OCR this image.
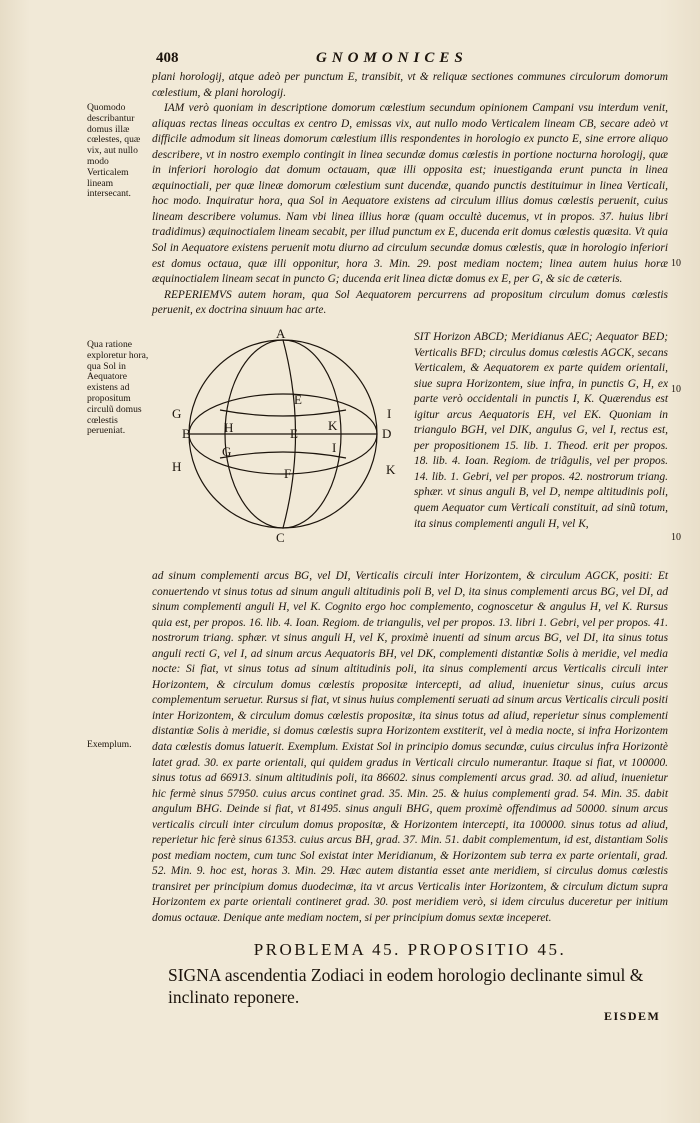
408	GNOMONICES
Quomodo describantur domus illæ cœlestes, quæ vix, aut nullo modo Verticalem lineam intersecant.
Qua ratione exploretur hora, qua Sol in Aequatore existens ad propositum circulũ domus cœlestis perueniat.
Exemplum.
10
10
10

plani horologij, atque adeò per punctum E, transibit, vt & reliquæ sectiones communes circulorum domorum cœlestium, & plani horologij.

IAM verò quoniam in descriptione domorum cœlestium secundum opinionem Campani vsu interdum venit, aliquas rectas lineas occultas ex centro D, emissas vix, aut nullo modo Verticalem lineam CB, secare adeò vt difficile admodum sit lineas domorum cœlestium illis respondentes in horologio ex puncto E, sine errore aliquo describere, vt in nostro exemplo contingit in linea secundæ domus cœlestis in portione nocturna horologij, quæ in inferiori horologio dat domum octauam, quæ illi opposita est; inuestiganda erunt puncta in linea æquinoctiali, per quæ lineæ domorum cœlestium sunt ducendæ, quando punctis destituimur in linea Verticali, hoc modo. Inquiratur hora, qua Sol in Aequatore existens ad circulum illius domus cœlestis peruenit, cuius lineam describere volumus. Nam vbi linea illius horæ (quam occultè ducemus, vt in propos. 37. huius libri tradidimus) æquinoctialem lineam secabit, per illud punctum ex E, ducenda erit domus cœlestis quæsita. Vt quia Sol in Aequatore existens peruenit motu diurno ad circulum secundæ domus cœlestis, quæ in horologio inferiori est domus octaua, quæ illi opponitur, hora 3. Min. 29. post mediam noctem; linea autem huius horæ æquinoctialem lineam secat in puncto G; ducenda erit linea dictæ domus ex E, per G, & sic de cæteris.

REPERIEMVS autem horam, qua Sol Aequatorem percurrens ad propositum circulum domus cœlestis peruenit, ex doctrina sinuum hac arte.

A
C
G
B
H
D
I
K
E
E
F
H
G
K
I
SIT Horizon ABCD; Meridianus AEC; Aequator BED; Verticalis BFD; circulus domus cœlestis AGCK, secans Verticalem, & Aequatorem ex parte quidem orientali, siue supra Horizontem, siue infra, in punctis G, H, ex parte verò occidentali in punctis I, K. Quærendus est igitur arcus Aequatoris EH, vel EK. Quoniam in triangulo BGH, vel DIK, angulus G, vel I, rectus est, per propositionem 15. lib. 1. Theod. erit per propos. 18. lib. 4. Ioan. Regiom. de triãgulis, vel per propos. 14. lib. 1. Gebri, vel per propos. 42. nostrorum triang. sphær. vt sinus anguli B, vel D, nempe altitudinis poli, quem Aequator cum Verticali constituit, ad sinũ totum, ita sinus complementi anguli H, vel K,
ad sinum complementi arcus BG, vel DI, Verticalis circuli inter Horizontem, & circulum AGCK, positi: Et conuertendo vt sinus totus ad sinum anguli altitudinis poli B, vel D, ita sinus complementi arcus BG, vel DI, ad sinum complementi anguli H, vel K. Cognito ergo hoc complemento, cognoscetur & angulus H, vel K. Rursus quia est, per propos. 16. lib. 4. Ioan. Regiom. de triangulis, vel per propos. 13. libri 1. Gebri, vel per propos. 41. nostrorum triang. sphær. vt sinus anguli H, vel K, proximè inuenti ad sinum arcus BG, vel DI, ita sinus totus anguli recti G, vel I, ad sinum arcus Aequatoris BH, vel DK, complementi distantiæ Solis à meridie, vel media nocte: Si fiat, vt sinus totus ad sinum altitudinis poli, ita sinus complementi arcus Verticalis circuli inter Horizontem, & circulum domus cœlestis propositæ intercepti, ad aliud, inuenietur sinus, cuius arcus complementum seruetur. Rursus si fiat, vt sinus huius complementi seruati ad sinum arcus Verticalis circuli positi inter Horizontem, & circulum domus cœlestis propositæ, ita sinus totus ad aliud, reperietur sinus complementi distantiæ Solis à meridie, si domus cœlestis supra Horizontem exstiterit, vel à media nocte, si infra Horizontem data cœlestis domus latuerit. Exemplum. Existat Sol in principio domus secundæ, cuius circulus infra Horizontè latet grad. 30. ex parte orientali, qui quidem gradus in Verticali circulo numerantur. Itaque si fiat, vt 100000. sinus totus ad 66913. sinum altitudinis poli, ita 86602. sinus complementi arcus grad. 30. ad aliud, inuenietur hic fermè sinus 57950. cuius arcus continet grad. 35. Min. 25. & huius complementi grad. 54. Min. 35. dabit angulum BHG. Deinde si fiat, vt 81495. sinus anguli BHG, quem proximè offendimus ad 50000. sinum arcus verticalis circuli inter circulum domus propositæ, & Horizontem intercepti, ita 100000. sinus totus ad aliud, reperietur hic ferè sinus 61353. cuius arcus BH, grad. 37. Min. 51. dabit complementum, id est, distantiam Solis post mediam noctem, cum tunc Sol existat inter Meridianum, & Horizontem sub terra ex parte orientali, grad. 52. Min. 9. hoc est, horas 3. Min. 29. Hæc autem distantia esset ante meridiem, si circulus domus cœlestis transiret per principium domus duodecimæ, ita vt arcus Verticalis inter Horizontem, & circulum dictum supra Horizontem ex parte orientali contineret grad. 30. post meridiem verò, si idem circulus duceretur per initium domus octauæ. Denique ante mediam noctem, si per principium domus sextæ inceperet.
PROBLEMA 45. PROPOSITIO 45.
SIGNA ascendentia Zodiaci in eodem horologio declinante simul & inclinato reponere.
EISDEM
